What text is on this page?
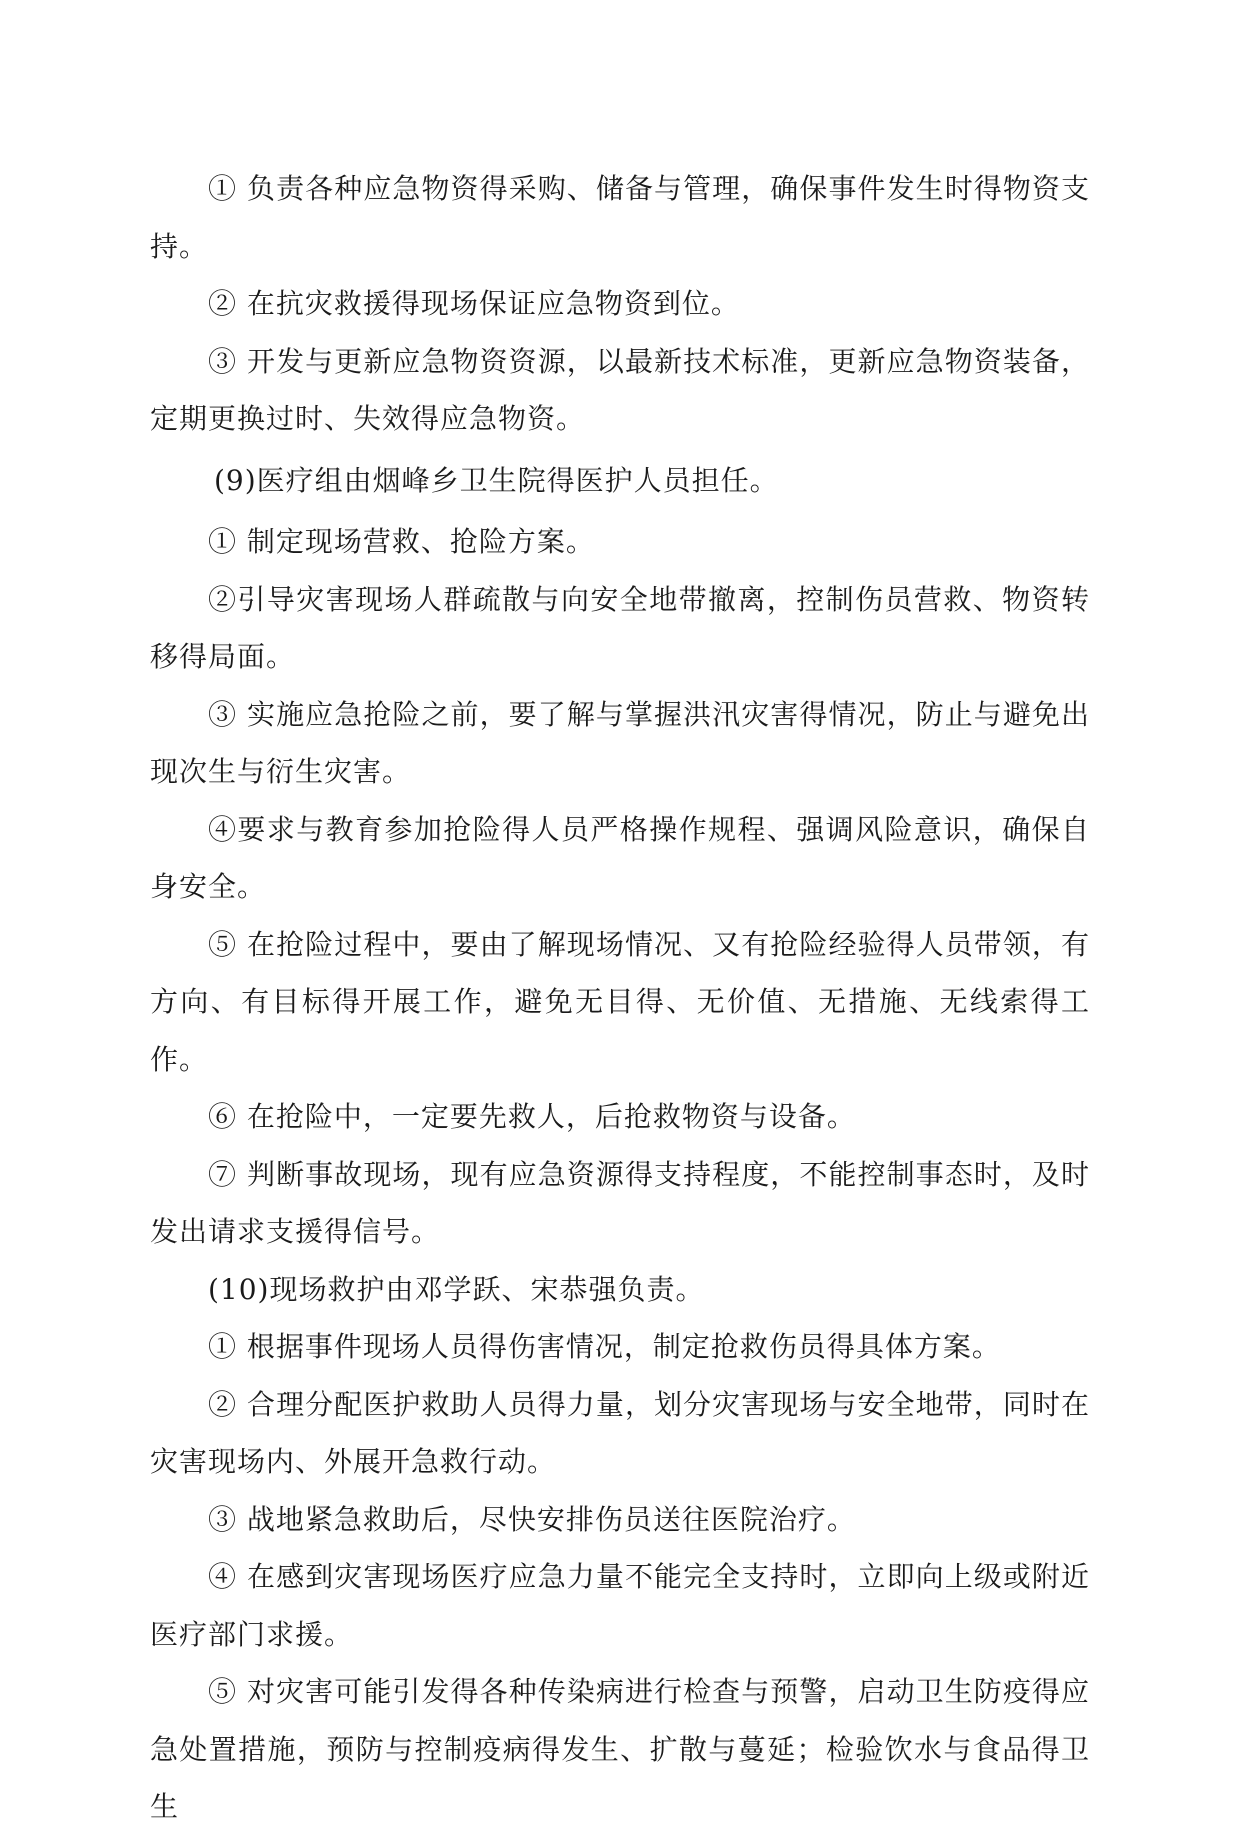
① 负责各种应急物资得采购、储备与管理，确保事件发生时得物资支持。

② 在抗灾救援得现场保证应急物资到位。

③ 开发与更新应急物资资源，以最新技术标准，更新应急物资装备，定期更换过时、失效得应急物资。

(9)医疗组由烟峰乡卫生院得医护人员担任。

① 制定现场营救、抢险方案。

②引导灾害现场人群疏散与向安全地带撤离，控制伤员营救、物资转移得局面。

③ 实施应急抢险之前，要了解与掌握洪汛灾害得情况，防止与避免出现次生与衍生灾害。

④要求与教育参加抢险得人员严格操作规程、强调风险意识，确保自身安全。

⑤ 在抢险过程中，要由了解现场情况、又有抢险经验得人员带领，有方向、有目标得开展工作，避免无目得、无价值、无措施、无线索得工作。

⑥ 在抢险中，一定要先救人，后抢救物资与设备。

⑦ 判断事故现场，现有应急资源得支持程度，不能控制事态时，及时发出请求支援得信号。

(10)现场救护由邓学跃、宋恭强负责。

① 根据事件现场人员得伤害情况，制定抢救伤员得具体方案。

② 合理分配医护救助人员得力量，划分灾害现场与安全地带，同时在灾害现场内、外展开急救行动。

③ 战地紧急救助后，尽快安排伤员送往医院治疗。

④ 在感到灾害现场医疗应急力量不能完全支持时，立即向上级或附近医疗部门求援。

⑤ 对灾害可能引发得各种传染病进行检查与预警，启动卫生防疫得应急处置措施，预防与控制疫病得发生、扩散与蔓延；检验饮水与食品得卫生
